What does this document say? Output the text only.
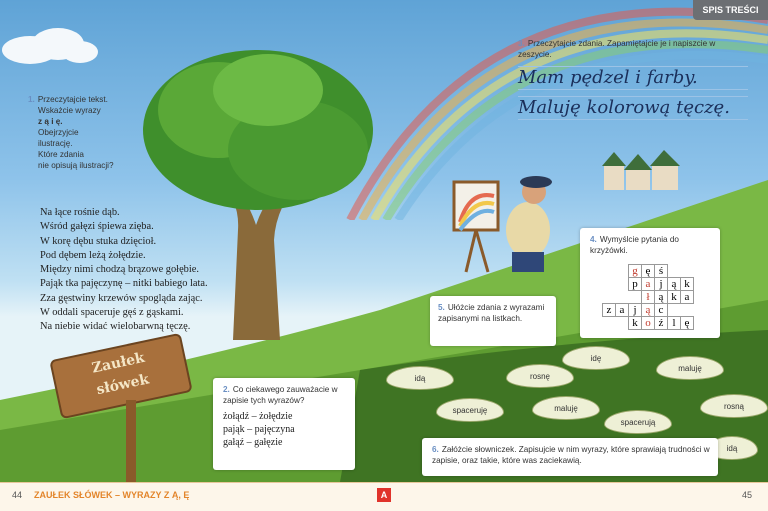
SPIS TREŚCI
1. Przeczytajcie tekst.
Wskażcie wyrazy
z ą i ę.
Obejrzyjcie
ilustrację.
Które zdania
nie opisują ilustracji?
Na łące rośnie dąb.
Wśród gałęzi śpiewa zięba.
W korę dębu stuka dzięcioł.
Pod dębem leżą żołędzie.
Między nimi chodzą brązowe gołębie.
Pająk tka pajęczynę – nitki babiego lata.
Zza gęstwiny krzewów spogląda zając.
W oddali spaceruje gęś z gąskami.
Na niebie widać wielobarwną tęczę.
3. Przeczytajcie zdania. Zapamiętajcie je i napiszcie w zeszycie.
Mam pędzel i farby.
Maluję kolorową tęczę.
4. Wymyślcie pytania do krzyżówki.
		g	ę	ś		
		p	a	j	ą	k
			ł	ą	k	a
z	a	j	ą	c		
		k	o	ź	l	ę
5. Ułóżcie zdania z wyrazami zapisanymi na listkach.
idą	rosnę
idę
maluję
spaceruję	maluję	rosną
spacerują
idą
Zaułek
słówek	2. Co ciekawego zauważacie w zapisie tych wyrazów?
żołądź – żołędzie
pająk – pajęczyna
gałąź – gałęzie
6. Załóżcie słowniczek. Zapisujcie w nim wyrazy, które sprawiają trudności w zapisie, oraz takie, które was zaciekawią.
44 ZAUŁEK SŁÓWEK – WYRAZY Z Ą, Ę	A	45
